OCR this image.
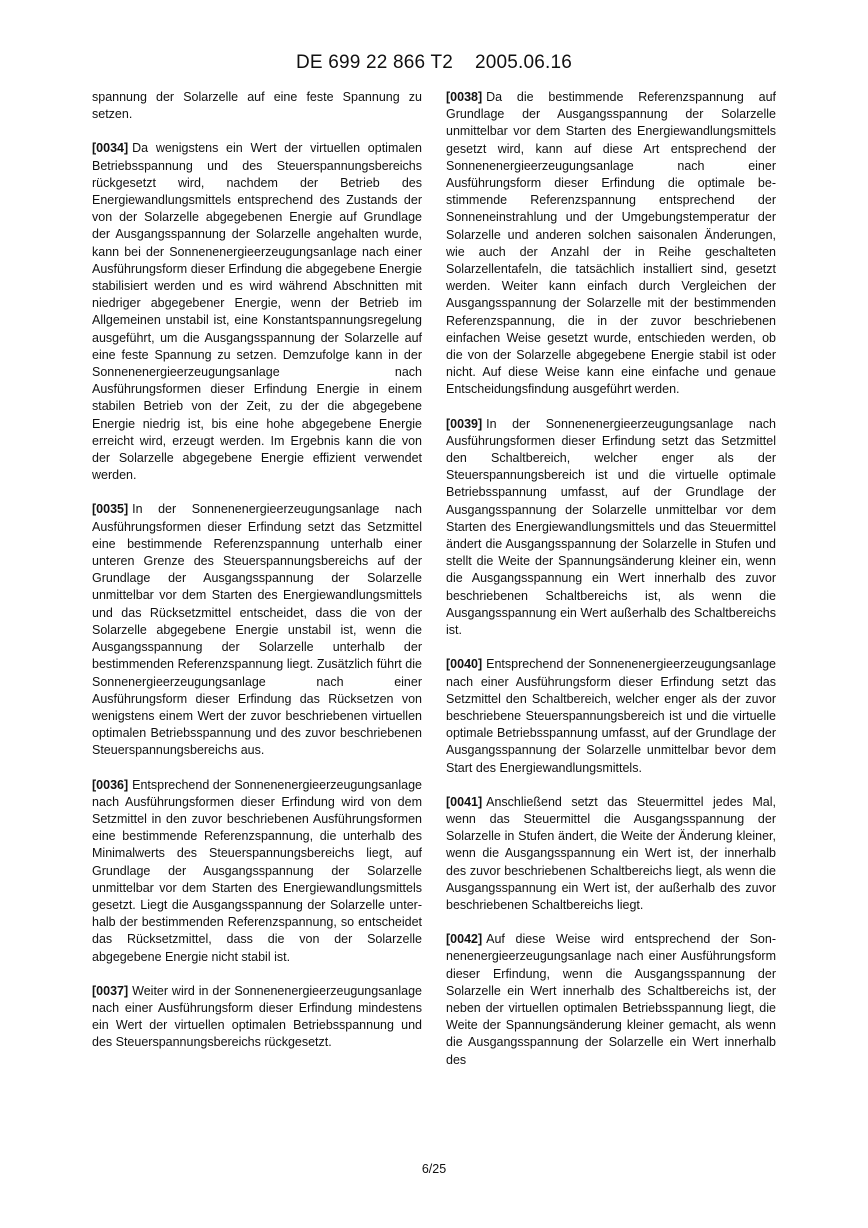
DE 699 22 866 T2 2005.06.16

spannung der Solarzelle auf eine feste Spannung zu setzen.

[0034] Da wenigstens ein Wert der virtuellen optimalen Betriebsspannung und des Steuerspannungsbereichs rückgesetzt wird, nachdem der Betrieb des Energiewandlungsmittels entsprechend des Zustands der von der Solarzelle abgegebenen Energie auf Grundlage der Ausgangsspannung der Solarzelle angehalten wurde, kann bei der Sonnenenergieerzeugungsanlage nach einer Ausführungsform dieser Erfindung die abgegebene Energie stabilisiert werden und es wird während Abschnitten mit niedriger abgegebener Energie, wenn der Betrieb im Allgemeinen unstabil ist, eine Konstantspannungsregelung ausgeführt, um die Ausgangsspannung der Solarzelle auf eine feste Spannung zu setzen. Demzufolge kann in der Sonnenenergieerzeugungsanlage nach Ausführungsformen dieser Erfindung Energie in einem stabilen Betrieb von der Zeit, zu der die abgegebene Energie niedrig ist, bis eine hohe abgegebene Energie erreicht wird, erzeugt werden. Im Ergebnis kann die von der Solarzelle abgegebene Energie effizient verwendet werden.

[0035] In der Sonnenenergieerzeugungsanlage nach Ausführungsformen dieser Erfindung setzt das Setzmittel eine bestimmende Referenzspannung unterhalb einer unteren Grenze des Steuerspannungsbereichs auf der Grundlage der Ausgangsspannung der Solarzelle unmittelbar vor dem Starten des Energiewandlungsmittels und das Rücksetzmittel entscheidet, dass die von der Solarzelle abgegebene Energie unstabil ist, wenn die Ausgangsspannung der Solarzelle unterhalb der bestimmenden Referenzspannung liegt. Zusätzlich führt die Sonnenergieerzeugungsanlage nach einer Ausführungsform dieser Erfindung das Rücksetzen von wenigstens einem Wert der zuvor beschriebenen virtuellen optimalen Betriebsspannung und des zuvor beschriebenen Steuerspannungsbereichs aus.

[0036] Entsprechend der Sonnenenergieerzeugungsanlage nach Ausführungsformen dieser Erfindung wird von dem Setzmittel in den zuvor beschriebenen Ausführungsformen eine bestimmende Referenzspannung, die unterhalb des Minimalwerts des Steuerspannungsbereichs liegt, auf Grundlage der Ausgangsspannung der Solarzelle unmittelbar vor dem Starten des Energiewandlungsmittels gesetzt. Liegt die Ausgangsspannung der Solarzelle unterhalb der bestimmenden Referenzspannung, so entscheidet das Rücksetzmittel, dass die von der Solarzelle abgegebene Energie nicht stabil ist.

[0037] Weiter wird in der Sonnenenergieerzeugungsanlage nach einer Ausführungsform dieser Erfindung mindestens ein Wert der virtuellen optimalen Betriebsspannung und des Steuerspannungsbereichs rückgesetzt.

[0038] Da die bestimmende Referenzspannung auf Grundlage der Ausgangsspannung der Solarzelle unmittelbar vor dem Starten des Energiewandlungsmittels gesetzt wird, kann auf diese Art entsprechend der Sonnenenergieerzeugungsanlage nach einer Ausführungsform dieser Erfindung die optimale bestimmende Referenzspannung entsprechend der Sonneneinstrahlung und der Umgebungstemperatur der Solarzelle und anderen solchen saisonalen Änderungen, wie auch der Anzahl der in Reihe geschalteten Solarzellentafeln, die tatsächlich installiert sind, gesetzt werden. Weiter kann einfach durch Vergleichen der Ausgangsspannung der Solarzelle mit der bestimmenden Referenzspannung, die in der zuvor beschriebenen einfachen Weise gesetzt wurde, entschieden werden, ob die von der Solarzelle abgegebene Energie stabil ist oder nicht. Auf diese Weise kann eine einfache und genaue Entscheidungsfindung ausgeführt werden.

[0039] In der Sonnenenergieerzeugungsanlage nach Ausführungsformen dieser Erfindung setzt das Setzmittel den Schaltbereich, welcher enger als der Steuerspannungsbereich ist und die virtuelle optimale Betriebsspannung umfasst, auf der Grundlage der Ausgangsspannung der Solarzelle unmittelbar vor dem Starten des Energiewandlungsmittels und das Steuermittel ändert die Ausgangsspannung der Solarzelle in Stufen und stellt die Weite der Spannungsänderung kleiner ein, wenn die Ausgangsspannung ein Wert innerhalb des zuvor beschriebenen Schaltbereichs ist, als wenn die Ausgangsspannung ein Wert außerhalb des Schaltbereichs ist.

[0040] Entsprechend der Sonnenenergieerzeugungsanlage nach einer Ausführungsform dieser Erfindung setzt das Setzmittel den Schaltbereich, welcher enger als der zuvor beschriebene Steuerspannungsbereich ist und die virtuelle optimale Betriebsspannung umfasst, auf der Grundlage der Ausgangsspannung der Solarzelle unmittelbar bevor dem Start des Energiewandlungsmittels.

[0041] Anschließend setzt das Steuermittel jedes Mal, wenn das Steuermittel die Ausgangsspannung der Solarzelle in Stufen ändert, die Weite der Änderung kleiner, wenn die Ausgangsspannung ein Wert ist, der innerhalb des zuvor beschriebenen Schaltbereichs liegt, als wenn die Ausgangsspannung ein Wert ist, der außerhalb des zuvor beschriebenen Schaltbereichs liegt.

[0042] Auf diese Weise wird entsprechend der Sonnenenergieerzeugungsanlage nach einer Ausführungsform dieser Erfindung, wenn die Ausgangsspannung der Solarzelle ein Wert innerhalb des Schaltbereichs ist, der neben der virtuellen optimalen Betriebsspannung liegt, die Weite der Spannungsänderung kleiner gemacht, als wenn die Ausgangsspannung der Solarzelle ein Wert innerhalb des

6/25
